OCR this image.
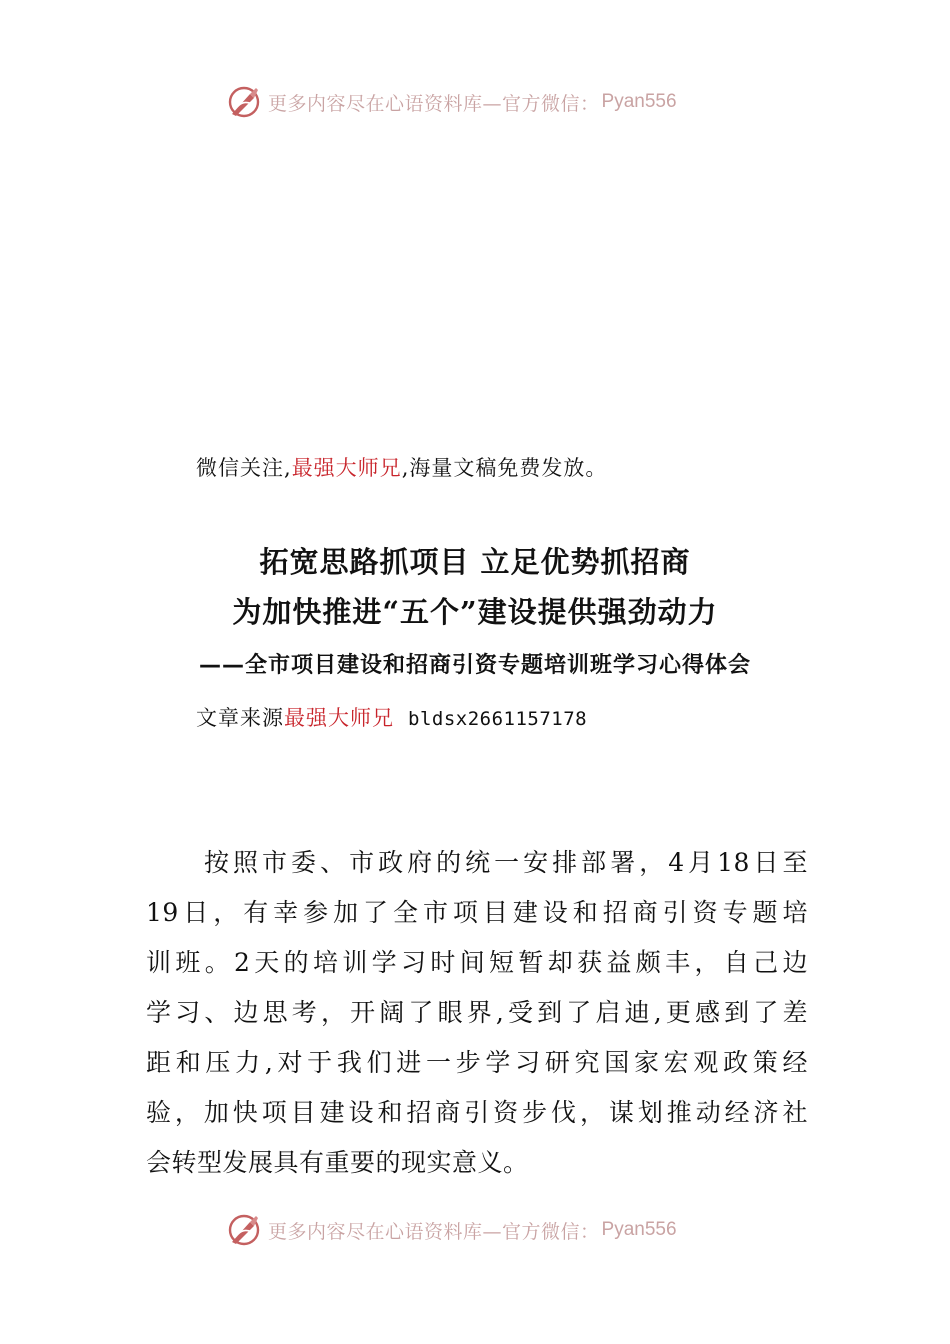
更多内容尽在心语资料库—官方微信： Pyan556
微信关注,最强大师兄,海量文稿免费发放。
拓宽思路抓项目 立足优势抓招商
为加快推进“五个”建设提供强劲动力
——全市项目建设和招商引资专题培训班学习心得体会
文章来源最强大师兄 bldsx2661157178
　　按照市委、市政府的统一安排部署，4月18日至
19日，有幸参加了全市项目建设和招商引资专题培
训班。2天的培训学习时间短暂却获益颇丰，自己边
学习、边思考，开阔了眼界,受到了启迪,更感到了差
距和压力,对于我们进一步学习研究国家宏观政策经
验，加快项目建设和招商引资步伐，谋划推动经济社
会转型发展具有重要的现实意义。
更多内容尽在心语资料库—官方微信： Pyan556
